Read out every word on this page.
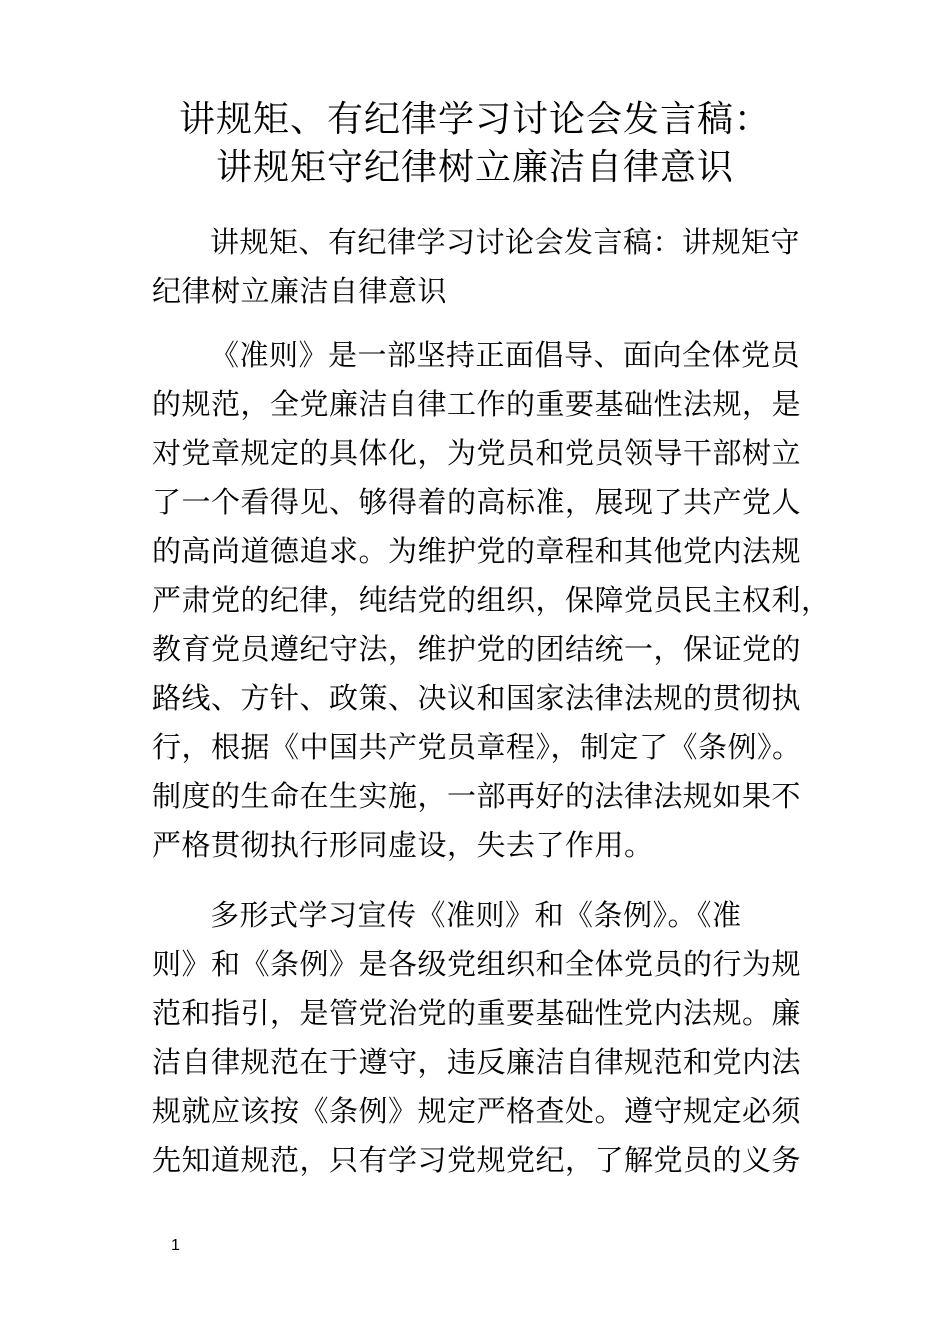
讲规矩、有纪律学习讨论会发言稿：
讲规矩守纪律树立廉洁自律意识
讲规矩、有纪律学习讨论会发言稿：讲规矩守
纪律树立廉洁自律意识
《准则》是一部坚持正面倡导、面向全体党员
的规范，全党廉洁自律工作的重要基础性法规，是
对党章规定的具体化，为党员和党员领导干部树立
了一个看得见、够得着的高标准，展现了共产党人
的高尚道德追求。为维护党的章程和其他党内法规
严肃党的纪律，纯结党的组织，保障党员民主权利，
教育党员遵纪守法，维护党的团结统一，保证党的
路线、方针、政策、决议和国家法律法规的贯彻执
行，根据《中国共产党员章程》，制定了《条例》。
制度的生命在生实施，一部再好的法律法规如果不
严格贯彻执行形同虚设，失去了作用。
多形式学习宣传《准则》和《条例》。《准
则》和《条例》是各级党组织和全体党员的行为规
范和指引，是管党治党的重要基础性党内法规。廉
洁自律规范在于遵守，违反廉洁自律规范和党内法
规就应该按《条例》规定严格查处。遵守规定必须
先知道规范，只有学习党规党纪，了解党员的义务
1
